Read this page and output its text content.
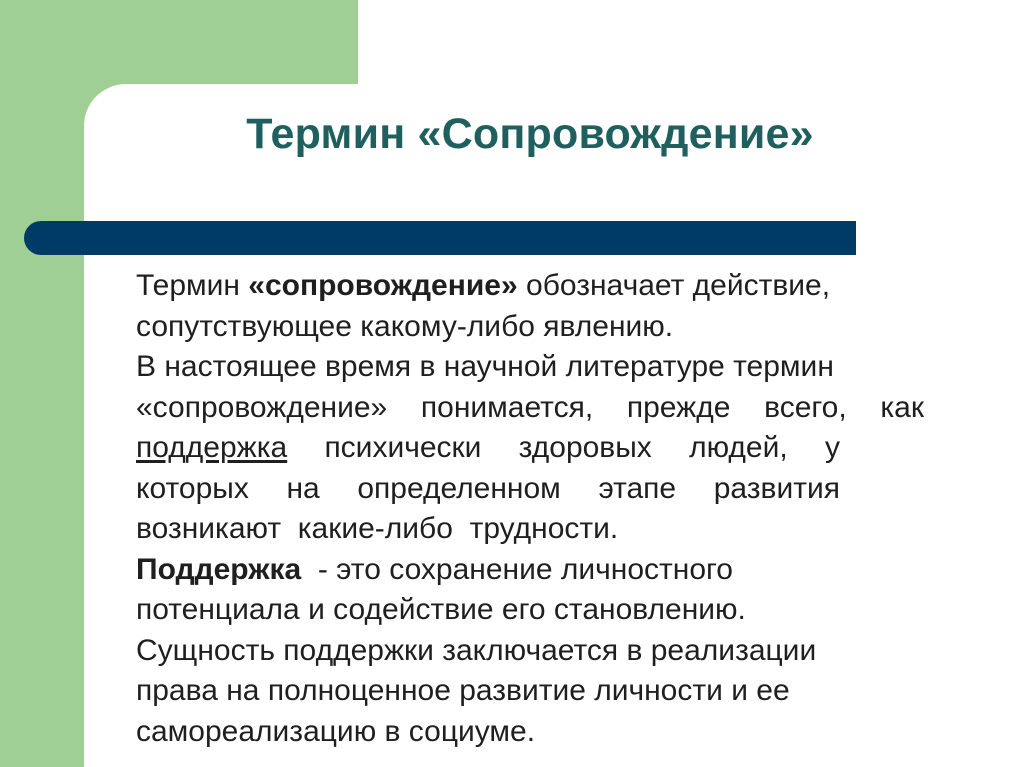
Термин «Сопровождение»
Термин «сопровождение» обозначает действие,
сопутствующее какому-либо явлению.
В настоящее время в научной литературе термин
«сопровождение» понимается, прежде всего, как
поддержка психически здоровых людей, у
которых на определенном этапе развития
возникают  какие-либо  трудности.
Поддержка  - это сохранение личностного
потенциала и содействие его становлению.
Сущность поддержки заключается в реализации
права на полноценное развитие личности и ее
самореализацию в социуме.
